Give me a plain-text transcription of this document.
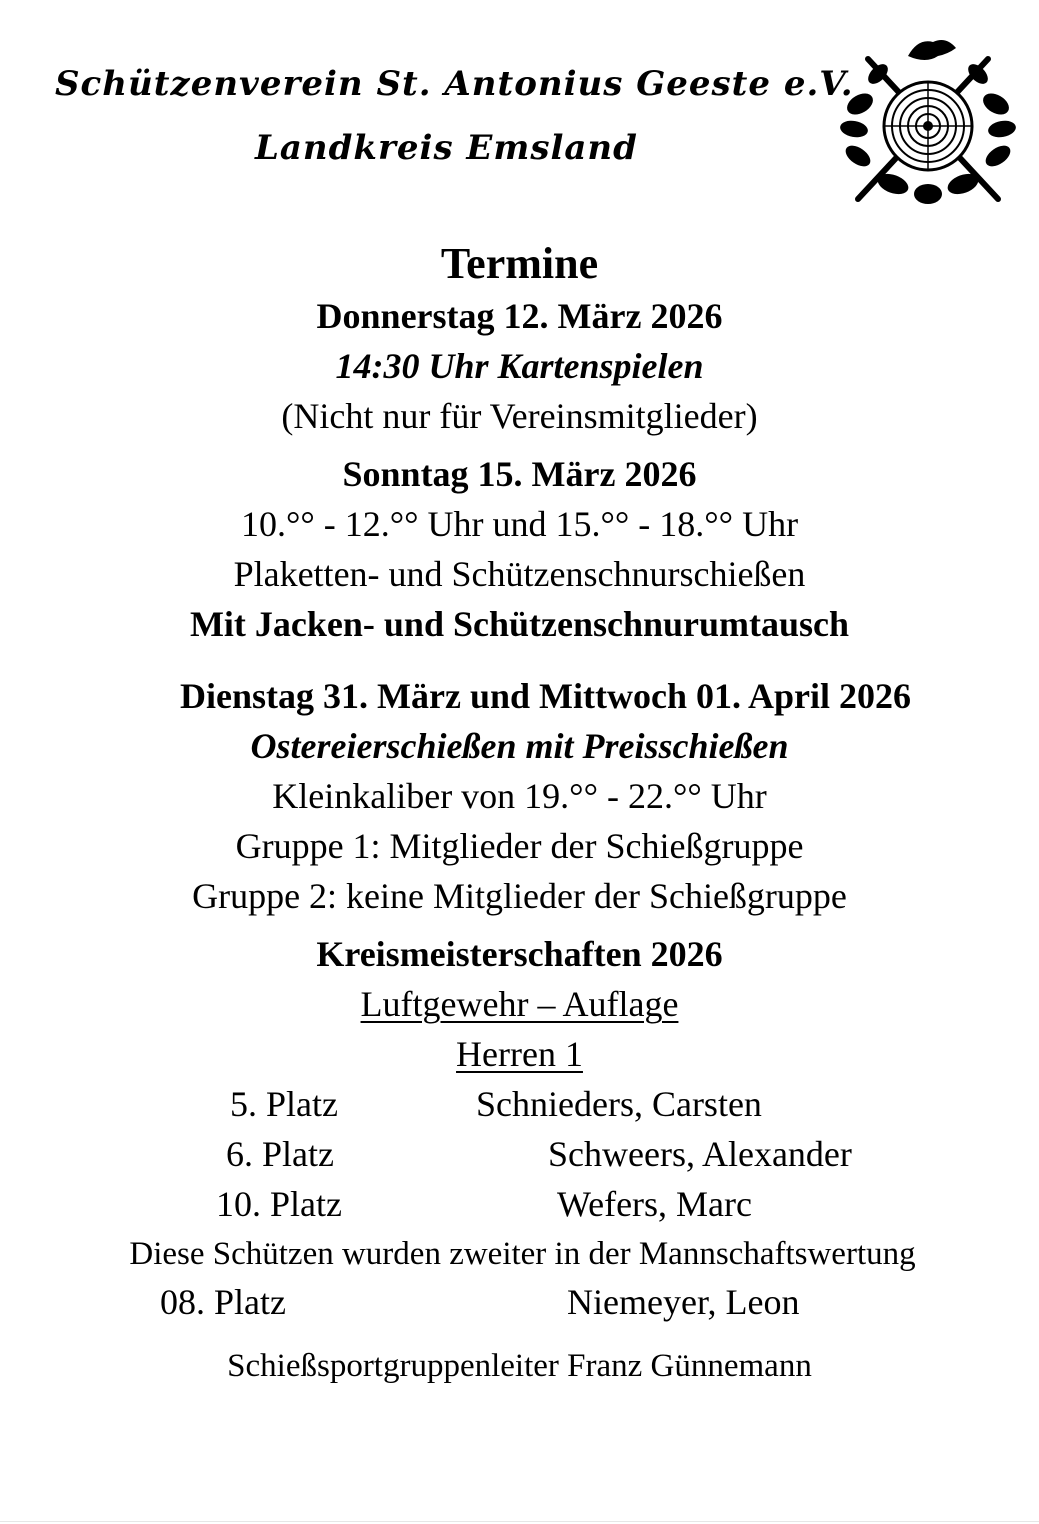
Schützenverein St. Antonius Geeste e.V.
Landkreis Emsland
Termine
Donnerstag 12. März 2026
14:30 Uhr Kartenspielen
(Nicht nur für Vereinsmitglieder)
Sonntag 15. März 2026
10.°° - 12.°° Uhr und 15.°° - 18.°° Uhr
Plaketten- und Schützenschnurschießen
Mit Jacken- und Schützenschnurumtausch
Dienstag 31. März und Mittwoch 01. April 2026
Ostereierschießen mit Preisschießen
Kleinkaliber von 19.°° - 22.°° Uhr
Gruppe 1: Mitglieder der Schießgruppe
Gruppe 2: keine Mitglieder der Schießgruppe
Kreismeisterschaften 2026
Luftgewehr – Auflage
Herren 1
5. Platz	Schnieders, Carsten
6. Platz	Schweers, Alexander
10. Platz	Wefers, Marc
Diese Schützen wurden zweiter in der Mannschaftswertung
08. Platz	Niemeyer, Leon
Schießsportgruppenleiter Franz Günnemann
